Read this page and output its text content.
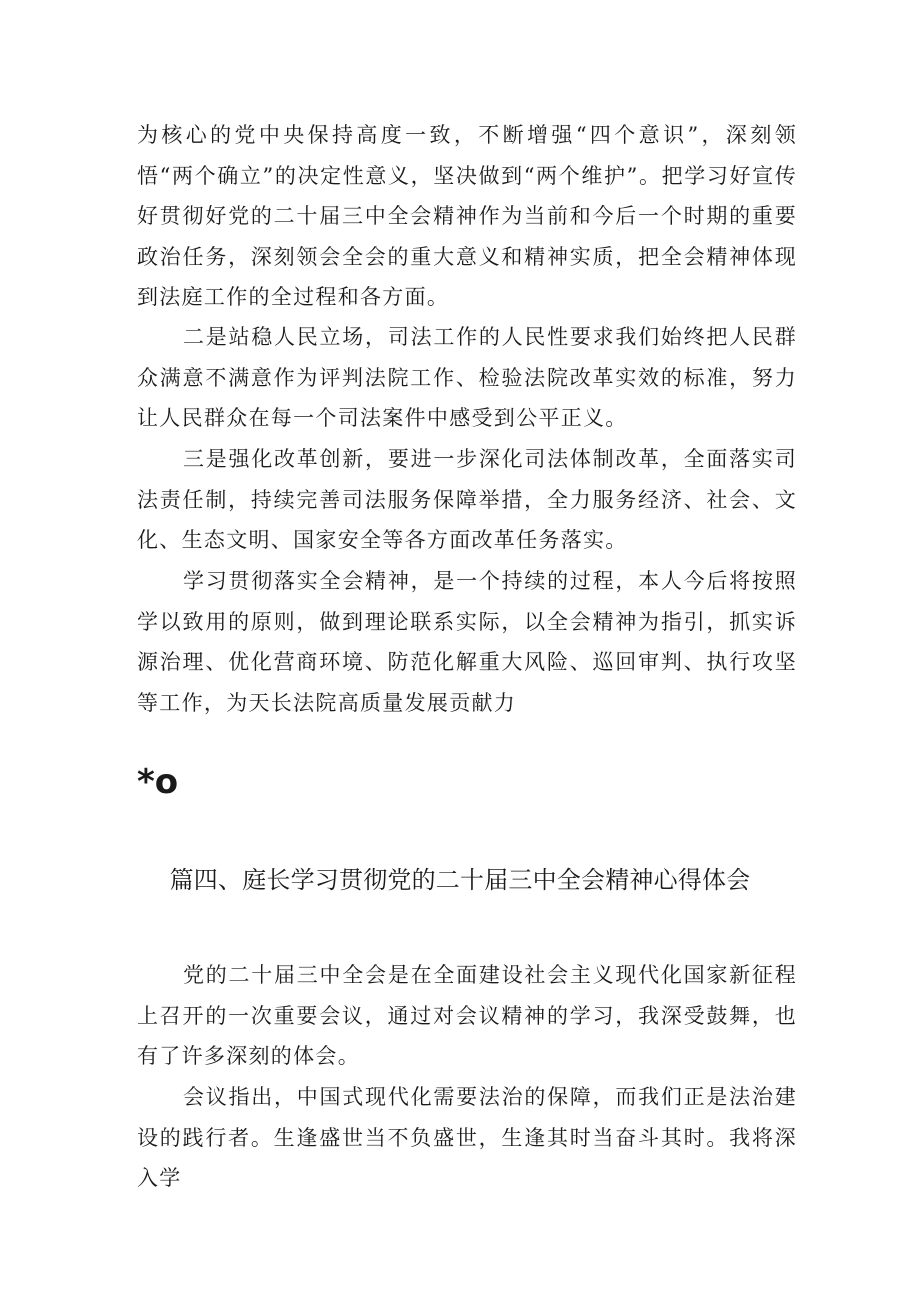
为核心的党中央保持高度一致，不断增强“四个意识”，深刻领悟“两个确立”的决定性意义，坚决做到“两个维护”。把学习好宣传好贯彻好党的二十届三中全会精神作为当前和今后一个时期的重要政治任务，深刻领会全会的重大意义和精神实质，把全会精神体现到法庭工作的全过程和各方面。

二是站稳人民立场，司法工作的人民性要求我们始终把人民群众满意不满意作为评判法院工作、检验法院改革实效的标准，努力让人民群众在每一个司法案件中感受到公平正义。

三是强化改革创新，要进一步深化司法体制改革，全面落实司法责任制，持续完善司法服务保障举措，全力服务经济、社会、文化、生态文明、国家安全等各方面改革任务落实。

学习贯彻落实全会精神，是一个持续的过程，本人今后将按照学以致用的原则，做到理论联系实际，以全会精神为指引，抓实诉源治理、优化营商环境、防范化解重大风险、巡回审判、执行攻坚等工作，为天长法院高质量发展贡献力

*o

篇四、庭长学习贯彻党的二十届三中全会精神心得体会

党的二十届三中全会是在全面建设社会主义现代化国家新征程上召开的一次重要会议，通过对会议精神的学习，我深受鼓舞，也有了许多深刻的体会。

会议指出，中国式现代化需要法治的保障，而我们正是法治建设的践行者。生逢盛世当不负盛世，生逢其时当奋斗其时。我将深入学
